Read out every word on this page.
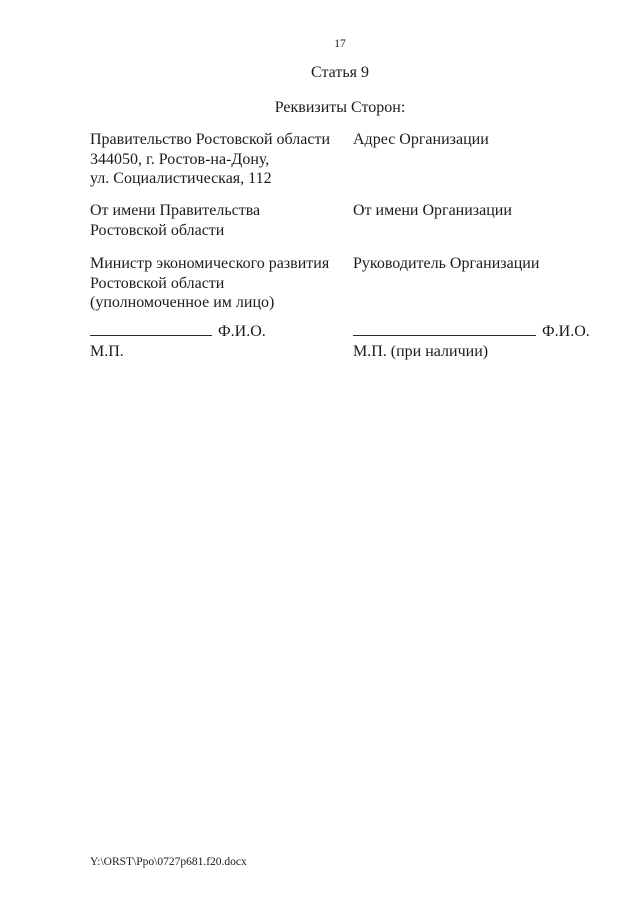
17
Статья 9
Реквизиты Сторон:
Правительство Ростовской области
344050, г. Ростов-на-Дону,
ул. Социалистическая, 112
Адрес Организации
От имени Правительства
Ростовской области
От имени Организации
Министр экономического развития
Ростовской области
(уполномоченное им лицо)
Руководитель Организации
Ф.И.О.
М.П.
Ф.И.О.
М.П. (при наличии)
Y:\ORST\Ppo\0727p681.f20.docx
